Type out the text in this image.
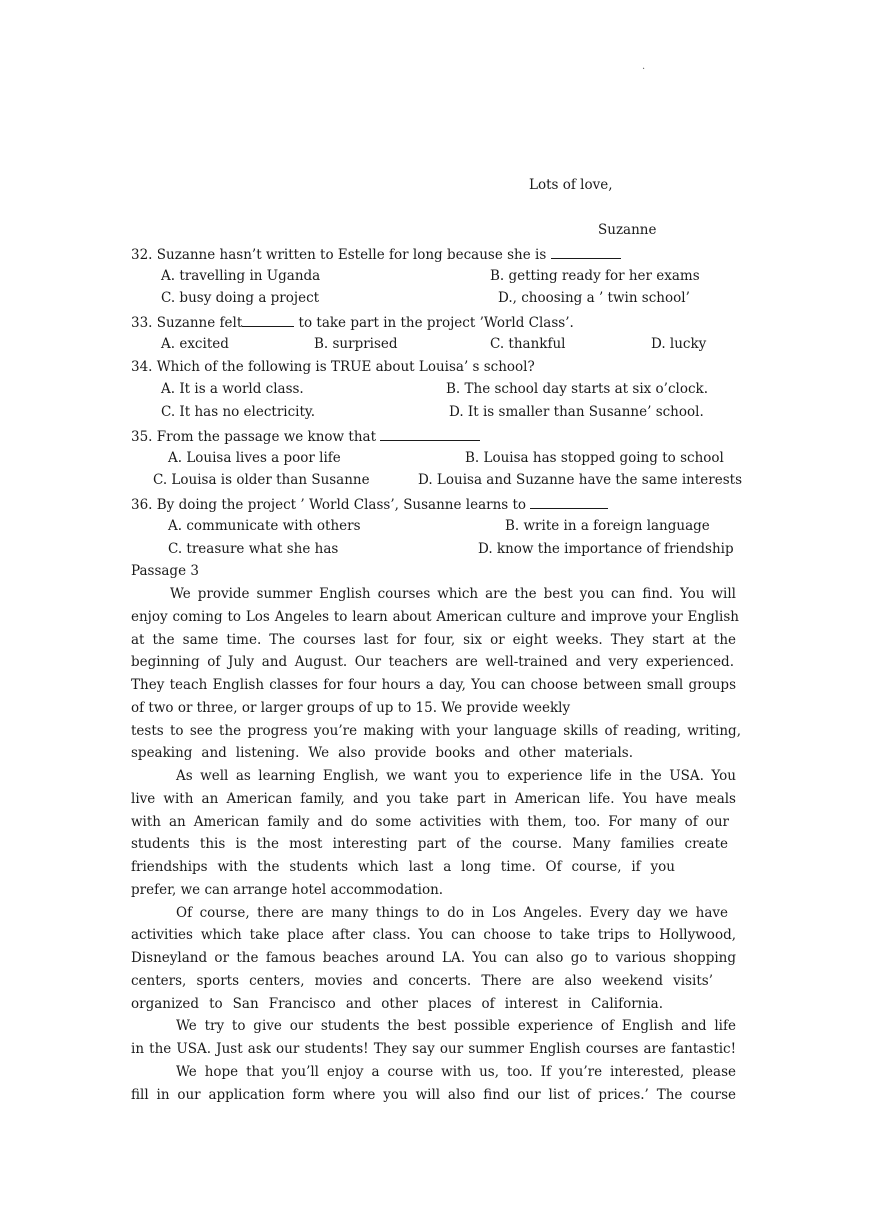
·
Lots of love,
Suzanne
32. Suzanne hasn’t written to Estelle for long because she is
A. travelling in Uganda	B. getting ready for her exams
C. busy doing a project	D., choosing a ’ twin school’
33. Suzanne felt	to take part in the project ’World Class’.
A. excited	B. surprised	C. thankful	D. lucky
34. Which of the following is TRUE about Louisa’ s school?
A. It is a world class.	B. The school day starts at six o’clock.
C. It has no electricity.	D. It is smaller than Susanne’ school.
35. From the passage we know that
A. Louisa lives a poor life	B. Louisa has stopped going to school
C. Louisa is older than Susanne	D. Louisa and Suzanne have the same interests
36. By doing the project ’ World Class’, Susanne learns to
A. communicate with others	B. write in a foreign language
C. treasure what she has	D. know the importance of friendship
Passage 3
We provide summer English courses which are the best you can find. You will
enjoy coming to Los Angeles to learn about American culture and improve your English
at the same time. The courses last for four, six or eight weeks. They start at the
beginning of July and August. Our teachers are well-trained and very experienced.
They teach English classes for four hours a day, You can choose between small groups
of two or three, or larger groups of up to 15. We provide weekly
tests to see the progress you’re making with your language skills of reading, writing,
speaking and listening. We also provide books and other materials.
As well as learning English, we want you to experience life in the USA. You
live with an American family, and you take part in American life. You have meals
with an American family and do some activities with them, too. For many of our
students this is the most interesting part of the course. Many families create
friendships with the students which last a long time. Of course, if you
prefer, we can arrange hotel accommodation.
Of course, there are many things to do in Los Angeles. Every day we have
activities which take place after class. You can choose to take trips to Hollywood,
Disneyland or the famous beaches around LA. You can also go to various shopping
centers, sports centers, movies and concerts. There are also weekend visits’
organized to San Francisco and other places of interest in California.
We try to give our students the best possible experience of English and life
in the USA. Just ask our students! They say our summer English courses are fantastic!
We hope that you’ll enjoy a course with us, too. If you’re interested, please
fill in our application form where you will also find our list of prices.’ The course
